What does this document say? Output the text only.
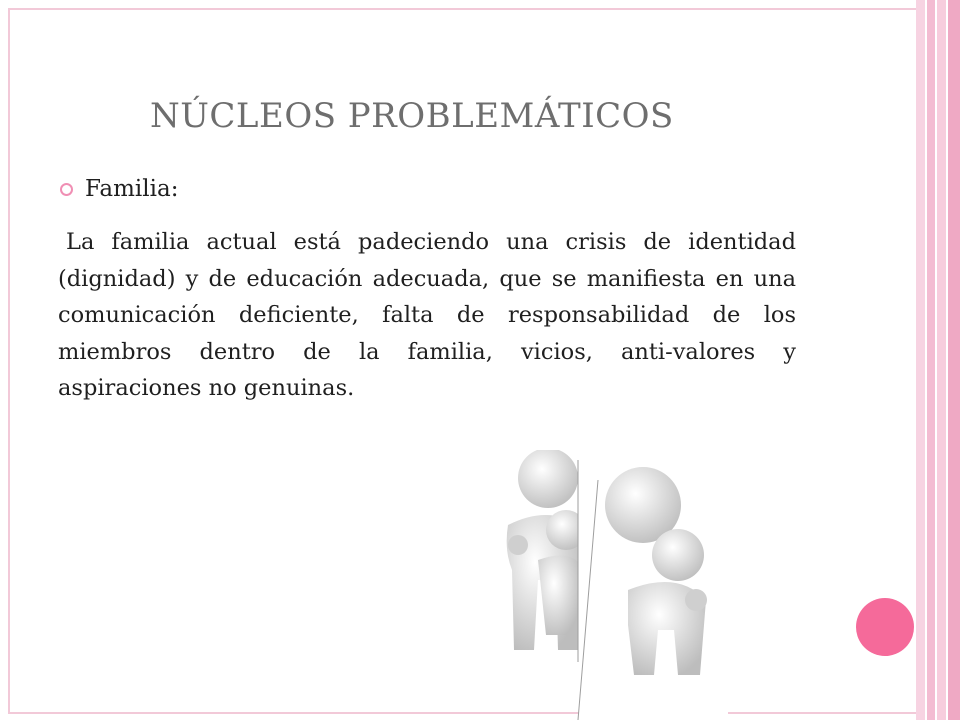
NÚCLEOS PROBLEMÁTICOS
Familia:

La familia actual está padeciendo una crisis de identidad (dignidad) y de educación adecuada, que se manifiesta en una comunicación deficiente, falta de responsabilidad de los miembros dentro de la familia, vicios, anti-valores y aspiraciones no genuinas.
